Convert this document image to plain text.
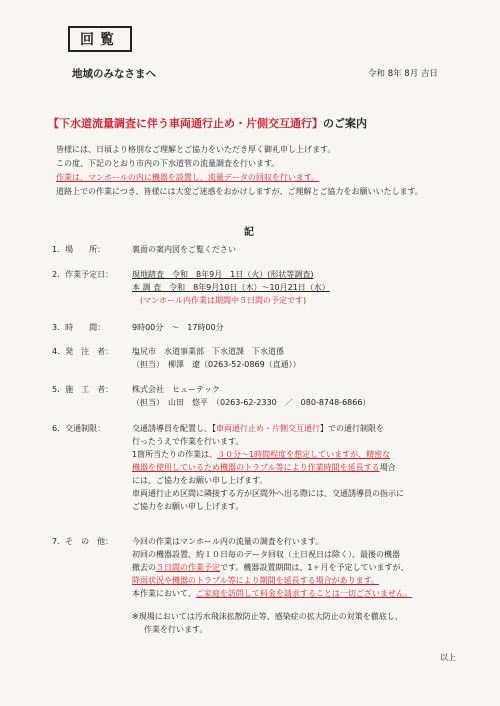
回覧
地域のみなさまへ	令和 8年 8月 吉日
【下水道流量調査に伴う車両通行止め・片側交互通行】のご案内
皆様には、日頃より格別なご理解とご協力をいただき厚く御礼申し上げます。
この度、下記のとおり市内の下水道管の流量調査を行います。
作業は、マンホールの内に機器を設置し、流量データの回収を行います。
道路上での作業につき、皆様には大変ご迷惑をおかけしますが、ご理解とご協力をお願いいたします。
記
1．場　　所：	裏面の案内図をご覧ください
2．作業予定日： 現地踏査　令和　8年9月　1日（火）(形状等調査)
本 調 査　令和　8年9月10日（木）～10月21日（水）
(マンホール内作業は期間中５日間の予定です)
3．時　　間：	9時00分　～　17時00分
4．発　注　者： 塩尻市　水道事業部　下水道課　下水道係
（担当）　柳澤　遼（0263-52-0869（直通））
5．施　工　者： 株式会社　ヒューテック
（担当）　山田　悠平　（0263-62-2330　／　080-8748-6866）
6．交通制限：	交通誘導員を配置し、【車両通行止め・片側交互通行】での通行制限を
行ったうえで作業を行います。
1箇所当たりの作業は、３０分～1時間程度を想定していますが、精密な
機器を使用しているため機器のトラブル等により作業時間を延長する場合
には、ご協力をお願い申し上げます。
車両通行止め区間に隣接する方が区間外へ出る際には、交通誘導員の指示に
ご協力をお願い申し上げます。
7．そ　の　他： 今回の作業はマンホール内の流量の調査を行います。
初回の機器設置、約１０日毎のデータ回収（土日祝日は除く）、最後の機器
撤去の５日間の作業予定です。機器設置期間は、1ヶ月を予定していますが、
降雨状況や機器のトラブル等により期間を延長する場合があります。
本作業において、ご家庭を訪問して料金を請求することは一切ございません。
※現場においては汚水飛沫拡散防止等、感染症の拡大防止の対策を徹底し、
作業を行います。
以上
